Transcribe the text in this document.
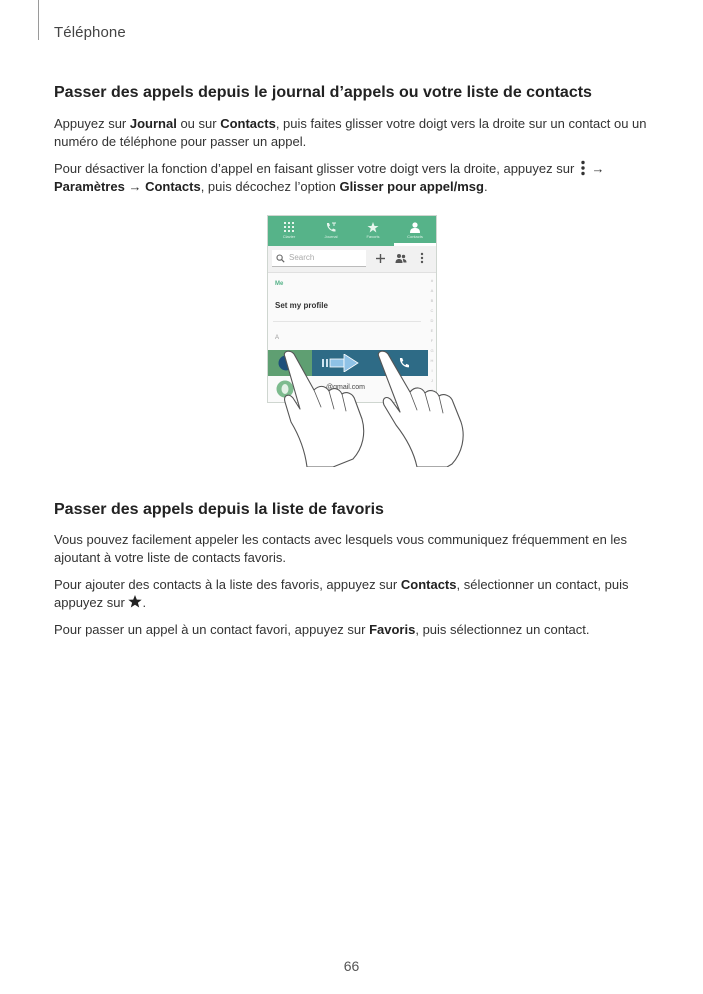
Téléphone
Passer des appels depuis le journal d’appels ou votre liste de contacts

Appuyez sur Journal ou sur Contacts, puis faites glisser votre doigt vers la droite sur un contact ou un numéro de téléphone pour passer un appel.

Pour désactiver la fonction d’appel en faisant glisser votre doigt vers la droite, appuyez sur  → Paramètres → Contacts, puis décochez l’option Glisser pour appel/msg.

Clavier	Journal	Favoris	Contacts
Search
Me
Set my profile
A
#
A
B
C
D
E
F
G
H
I
J
@gmail.com
Passer des appels depuis la liste de favoris

Vous pouvez facilement appeler les contacts avec lesquels vous communiquez fréquemment en les ajoutant à votre liste de contacts favoris.

Pour ajouter des contacts à la liste des favoris, appuyez sur Contacts, sélectionner un contact, puis appuyez sur .

Pour passer un appel à un contact favori, appuyez sur Favoris, puis sélectionnez un contact.

66
